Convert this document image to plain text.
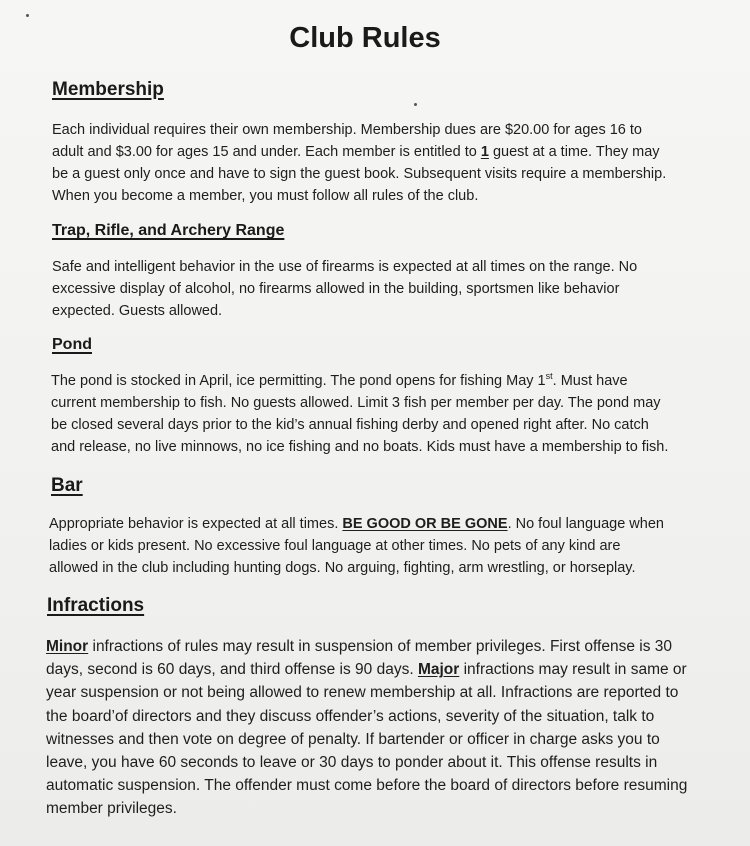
Club Rules
Membership

Each individual requires their own membership. Membership dues are $20.00 for ages 16 to

adult and $3.00 for ages 15 and under. Each member is entitled to 1 guest at a time. They may

be a guest only once and have to sign the guest book. Subsequent visits require a membership.

When you become a member, you must follow all rules of the club.

Trap, Rifle, and Archery Range

Safe and intelligent behavior in the use of firearms is expected at all times on the range. No

excessive display of alcohol, no firearms allowed in the building, sportsmen like behavior

expected. Guests allowed.

Pond

The pond is stocked in April, ice permitting. The pond opens for fishing May 1st. Must have

current membership to fish. No guests allowed. Limit 3 fish per member per day. The pond may

be closed several days prior to the kid’s annual fishing derby and opened right after. No catch

and release, no live minnows, no ice fishing and no boats. Kids must have a membership to fish.

Bar

Appropriate behavior is expected at all times. BE GOOD OR BE GONE. No foul language when

ladies or kids present. No excessive foul language at other times. No pets of any kind are

allowed in the club including hunting dogs. No arguing, fighting, arm wrestling, or horseplay.

Infractions

Minor infractions of rules may result in suspension of member privileges. First offense is 30

days, second is 60 days, and third offense is 90 days. Major infractions may result in same or

year suspension or not being allowed to renew membership at all. Infractions are reported to

the board’of directors and they discuss offender’s actions, severity of the situation, talk to

witnesses and then vote on degree of penalty. If bartender or officer in charge asks you to

leave, you have 60 seconds to leave or 30 days to ponder about it. This offense results in

automatic suspension. The offender must come before the board of directors before resuming

member privileges.
